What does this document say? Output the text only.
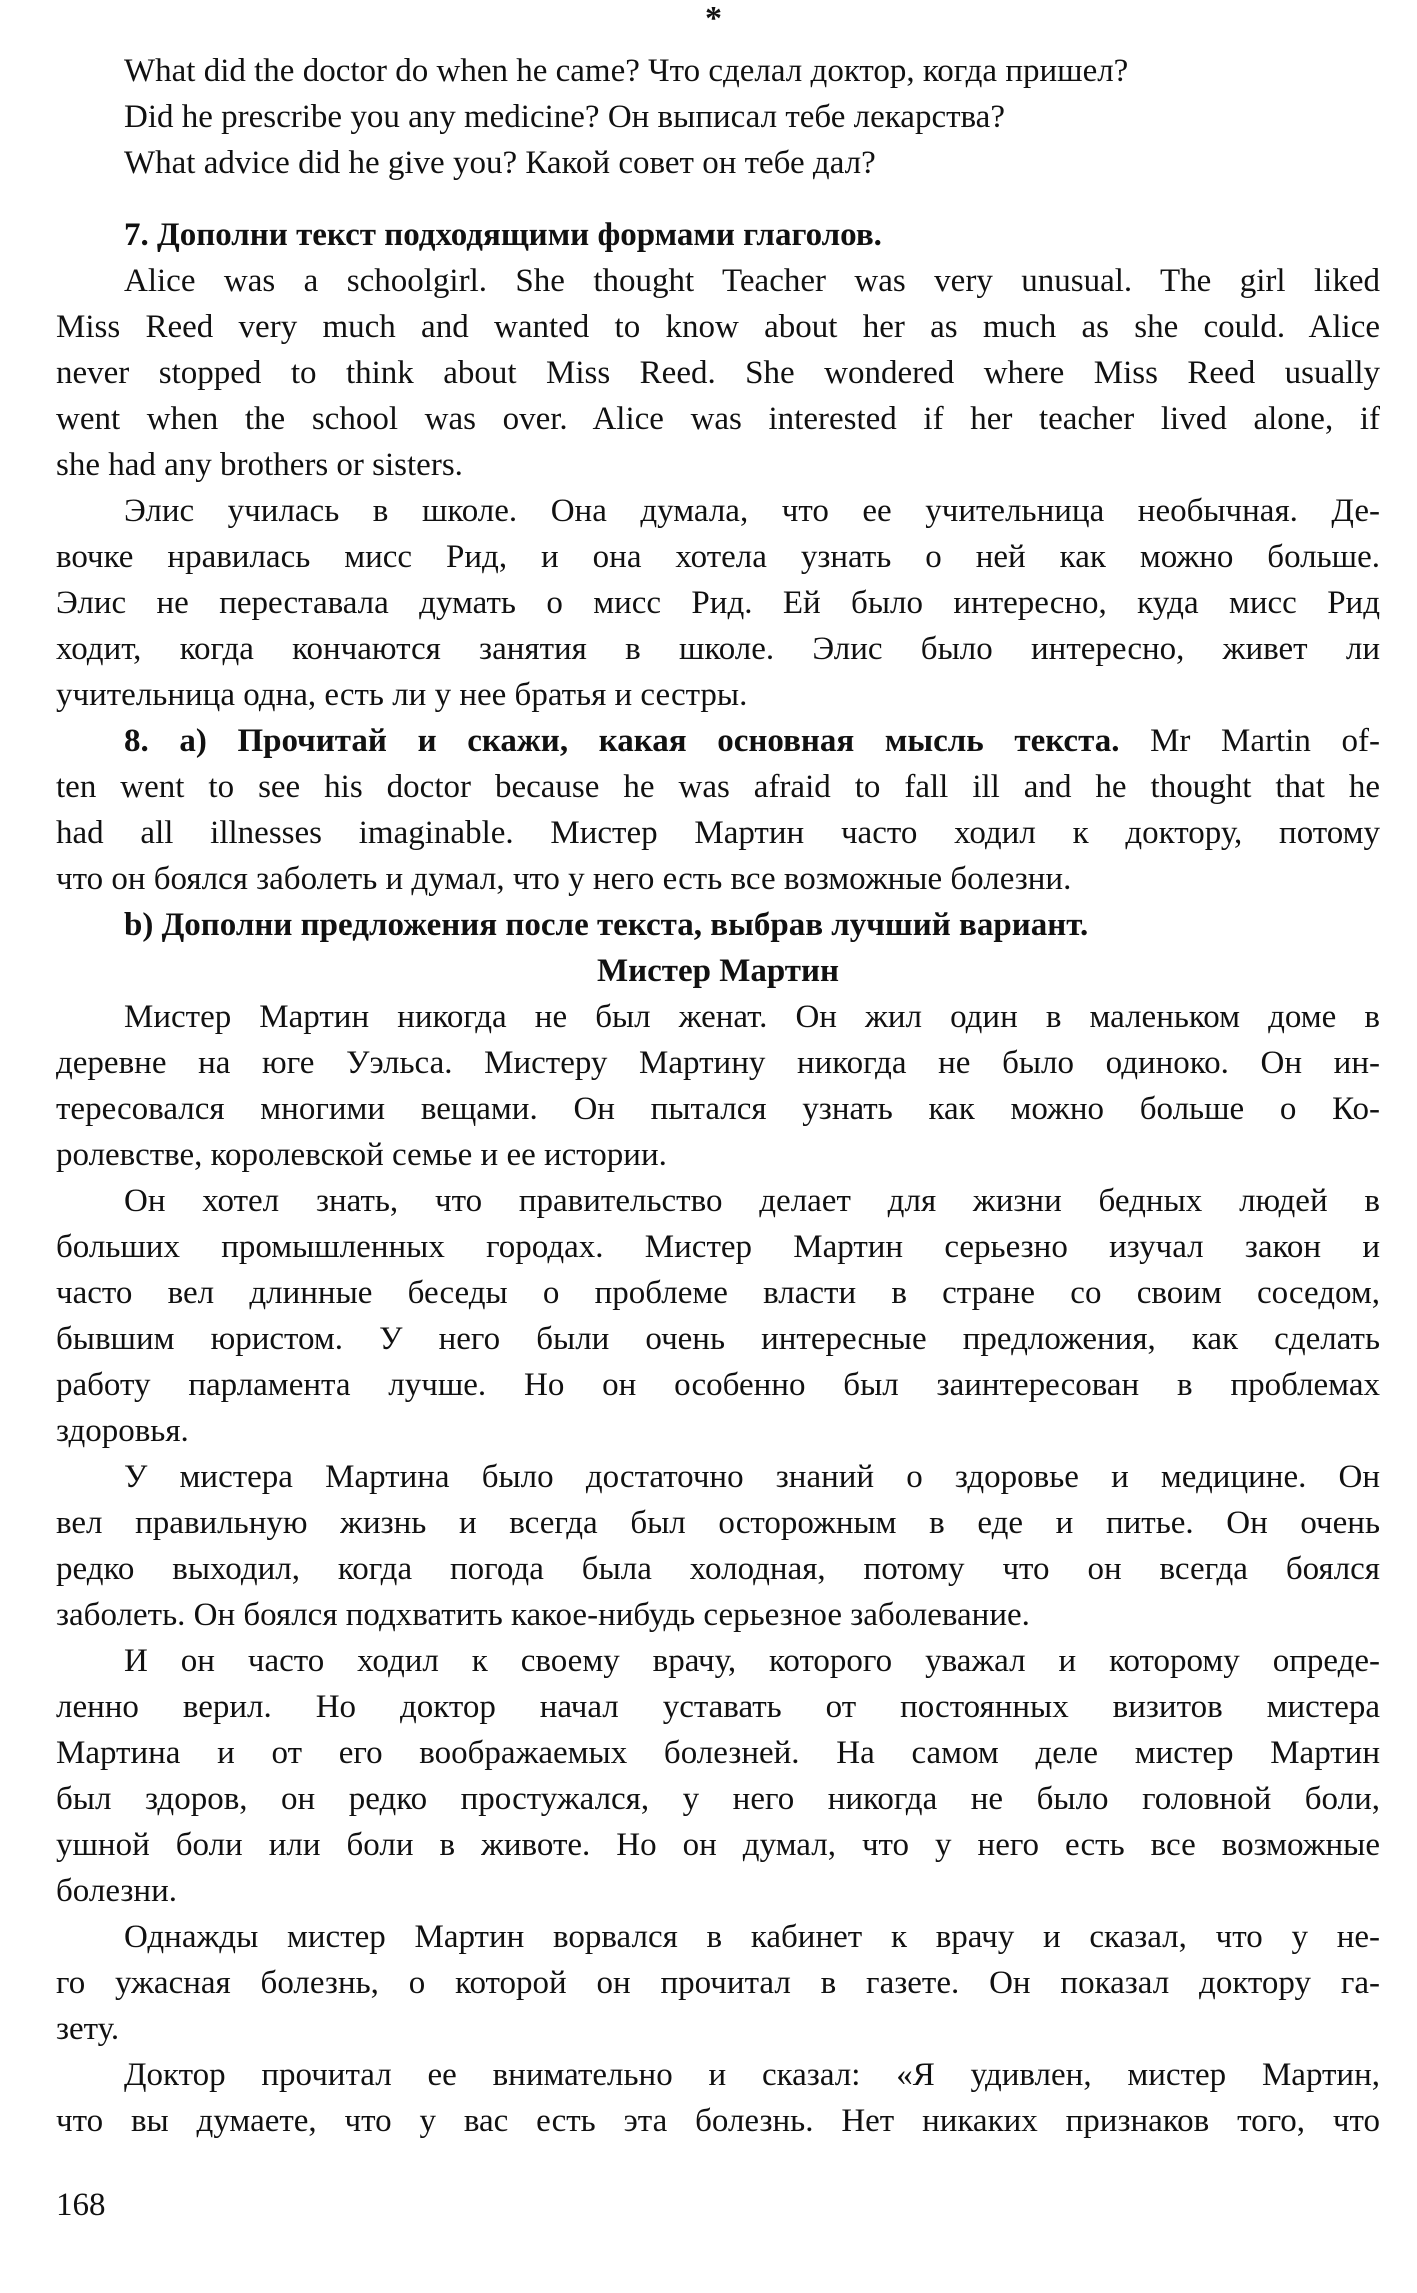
*
What did the doctor do when he came? Что сделал доктор, когда пришел?
Did he prescribe you any medicine? Он выписал тебе лекарства?
What advice did he give you? Какой совет он тебе дал?
7. Дополни текст подходящими формами глаголов.
Alice was a schoolgirl. She thought Teacher was very unusual. The girl liked
Miss Reed very much and wanted to know about her as much as she could. Alice
never stopped to think about Miss Reed. She wondered where Miss Reed usually
went when the school was over. Alice was interested if her teacher lived alone, if
she had any brothers or sisters.
Элис училась в школе. Она думала, что ее учительница необычная. Де-
вочке нравилась мисс Рид, и она хотела узнать о ней как можно больше.
Элис не переставала думать о мисс Рид. Ей было интересно, куда мисс Рид
ходит, когда кончаются занятия в школе. Элис было интересно, живет ли
учительница одна, есть ли у нее братья и сестры.
8. а) Прочитай и скажи, какая основная мысль текста. Mr Martin of-
ten went to see his doctor because he was afraid to fall ill and he thought that he
had all illnesses imaginable. Мистер Мартин часто ходил к доктору, потому
что он боялся заболеть и думал, что у него есть все возможные болезни.
b) Дополни предложения после текста, выбрав лучший вариант.
Мистер Мартин
Мистер Мартин никогда не был женат. Он жил один в маленьком доме в
деревне на юге Уэльса. Мистеру Мартину никогда не было одиноко. Он ин-
тересовался многими вещами. Он пытался узнать как можно больше о Ко-
ролевстве, королевской семье и ее истории.
Он хотел знать, что правительство делает для жизни бедных людей в
больших промышленных городах. Мистер Мартин серьезно изучал закон и
часто вел длинные беседы о проблеме власти в стране со своим соседом,
бывшим юристом. У него были очень интересные предложения, как сделать
работу парламента лучше. Но он особенно был заинтересован в проблемах
здоровья.
У мистера Мартина было достаточно знаний о здоровье и медицине. Он
вел правильную жизнь и всегда был осторожным в еде и питье. Он очень
редко выходил, когда погода была холодная, потому что он всегда боялся
заболеть. Он боялся подхватить какое-нибудь серьезное заболевание.
И он часто ходил к своему врачу, которого уважал и которому опреде-
ленно верил. Но доктор начал уставать от постоянных визитов мистера
Мартина и от его воображаемых болезней. На самом деле мистер Мартин
был здоров, он редко простужался, у него никогда не было головной боли,
ушной боли или боли в животе. Но он думал, что у него есть все возможные
болезни.
Однажды мистер Мартин ворвался в кабинет к врачу и сказал, что у не-
го ужасная болезнь, о которой он прочитал в газете. Он показал доктору га-
зету.
Доктор прочитал ее внимательно и сказал: «Я удивлен, мистер Мартин,
что вы думаете, что у вас есть эта болезнь. Нет никаких признаков того, что
168
